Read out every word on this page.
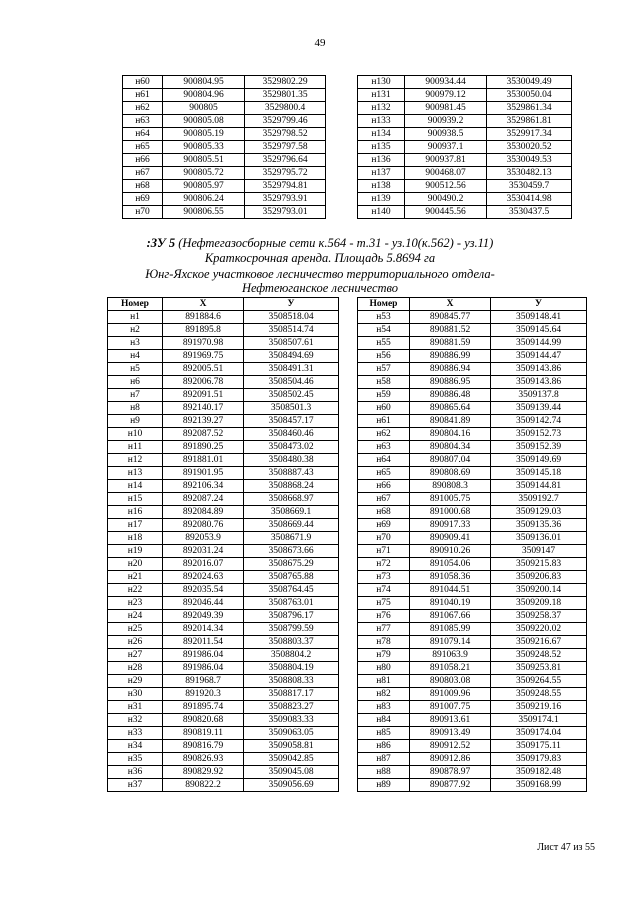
49
н60	900804.95	3529802.29
н61	900804.96	3529801.35
н62	900805	3529800.4
н63	900805.08	3529799.46
н64	900805.19	3529798.52
н65	900805.33	3529797.58
н66	900805.51	3529796.64
н67	900805.72	3529795.72
н68	900805.97	3529794.81
н69	900806.24	3529793.91
н70	900806.55	3529793.01
н130	900934.44	3530049.49
н131	900979.12	3530050.04
н132	900981.45	3529861.34
н133	900939.2	3529861.81
н134	900938.5	3529917.34
н135	900937.1	3530020.52
н136	900937.81	3530049.53
н137	900468.07	3530482.13
н138	900512.56	3530459.7
н139	900490.2	3530414.98
н140	900445.56	3530437.5
:ЗУ 5 (Нефтегазосборные сети к.564 - т.31 - уз.10(к.562) - уз.11)
Краткосрочная аренда. Площадь 5.8694 га
Юнг-Яхское участковое лесничество территориального отдела-
Нефтеюганское лесничество
Номер	X	У
н1	891884.6	3508518.04
н2	891895.8	3508514.74
н3	891970.98	3508507.61
н4	891969.75	3508494.69
н5	892005.51	3508491.31
н6	892006.78	3508504.46
н7	892091.51	3508502.45
н8	892140.17	3508501.3
н9	892139.27	3508457.17
н10	892087.52	3508460.46
н11	891890.25	3508473.02
н12	891881.01	3508480.38
н13	891901.95	3508887.43
н14	892106.34	3508868.24
н15	892087.24	3508668.97
н16	892084.89	3508669.1
н17	892080.76	3508669.44
н18	892053.9	3508671.9
н19	892031.24	3508673.66
н20	892016.07	3508675.29
н21	892024.63	3508765.88
н22	892035.54	3508764.45
н23	892046.44	3508763.01
н24	892049.39	3508796.17
н25	892014.34	3508799.59
н26	892011.54	3508803.37
н27	891986.04	3508804.2
н28	891986.04	3508804.19
н29	891968.7	3508808.33
н30	891920.3	3508817.17
н31	891895.74	3508823.27
н32	890820.68	3509083.33
н33	890819.11	3509063.05
н34	890816.79	3509058.81
н35	890826.93	3509042.85
н36	890829.92	3509045.08
н37	890822.2	3509056.69
Номер	X	У
н53	890845.77	3509148.41
н54	890881.52	3509145.64
н55	890881.59	3509144.99
н56	890886.99	3509144.47
н57	890886.94	3509143.86
н58	890886.95	3509143.86
н59	890886.48	3509137.8
н60	890865.64	3509139.44
н61	890841.89	3509142.74
н62	890804.16	3509152.73
н63	890804.34	3509152.39
н64	890807.04	3509149.69
н65	890808.69	3509145.18
н66	890808.3	3509144.81
н67	891005.75	3509192.7
н68	891000.68	3509129.03
н69	890917.33	3509135.36
н70	890909.41	3509136.01
н71	890910.26	3509147
н72	891054.06	3509215.83
н73	891058.36	3509206.83
н74	891044.51	3509200.14
н75	891040.19	3509209.18
н76	891067.66	3509258.37
н77	891085.99	3509220.02
н78	891079.14	3509216.67
н79	891063.9	3509248.52
н80	891058.21	3509253.81
н81	890803.08	3509264.55
н82	891009.96	3509248.55
н83	891007.75	3509219.16
н84	890913.61	3509174.1
н85	890913.49	3509174.04
н86	890912.52	3509175.11
н87	890912.86	3509179.83
н88	890878.97	3509182.48
н89	890877.92	3509168.99
Лист 47 из 55
